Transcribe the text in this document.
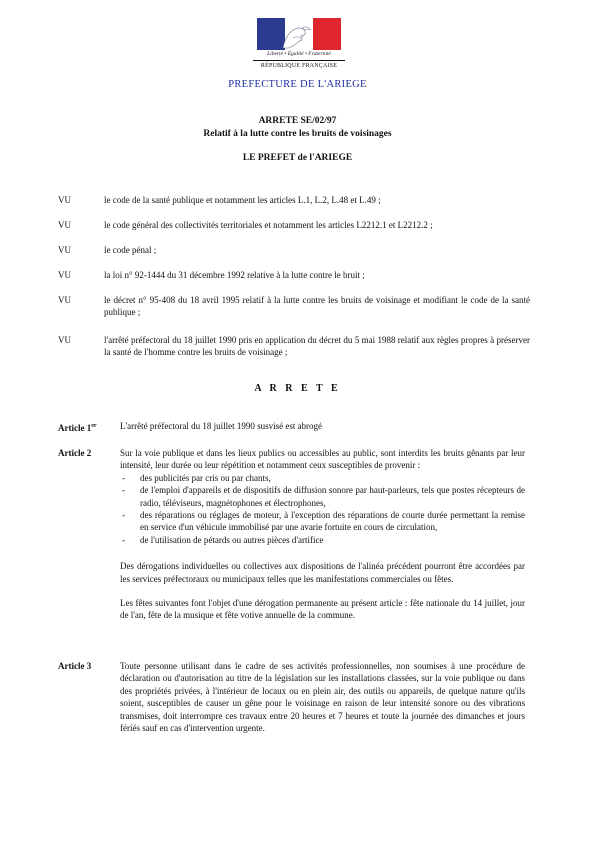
Liberté • Égalité • Fraternité
RÉPUBLIQUE FRANÇAISE
PREFECTURE DE L'ARIEGE
ARRETE SE/02/97
Relatif à la lutte contre les bruits de voisinages
LE PREFET de l'ARIEGE
VU	le code de la santé publique et notamment les articles L.1, L.2, L.48 et L.49 ;
VU	le code général des collectivités territoriales et notamment les articles L2212.1 et L2212.2 ;
VU	le code pénal ;
VU	la loi n° 92-1444 du 31 décembre 1992 relative à la lutte contre le bruit ;
VU	le décret n° 95-408 du 18 avril 1995 relatif à la lutte contre les bruits de voisinage et modifiant le code de la santé publique ;
VU	l'arrêté préfectoral du 18 juillet 1990 pris en application du décret du 5 mai 1988 relatif aux règles propres à préserver la santé de l'homme contre les bruits de voisinage ;
A R R E T E
Article 1er	L'arrêté préfectoral du 18 juillet 1990 susvisé est abrogé

Article 2	Sur la voie publique et dans les lieux publics ou accessibles au public, sont interdits les bruits gênants par leur intensité, leur durée ou leur répétition et notamment ceux susceptibles de provenir :

- des publicités par cris ou par chants,
- de l'emploi d'appareils et de dispositifs de diffusion sonore par haut-parleurs, tels que postes récepteurs de radio, téléviseurs, magnétophones et électrophones,
- des réparations ou réglages de moteur, à l'exception des réparations de courte durée permettant la remise en service d'un véhicule immobilisé par une avarie fortuite en cours de circulation,
- de l'utilisation de pétards ou autres pièces d'artifice

Des dérogations individuelles ou collectives aux dispositions de l'alinéa précédent pourront être accordées par les services préfectoraux ou municipaux telles que les manifestations commerciales ou fêtes.

Les fêtes suivantes font l'objet d'une dérogation permanente au présent article : fête nationale du 14 juillet, jour de l'an, fête de la musique et fête votive annuelle de la commune.

Article 3	Toute personne utilisant dans le cadre de ses activités professionnelles, non soumises à une procédure de déclaration ou d'autorisation au titre de la législation sur les installations classées, sur la voie publique ou dans des propriétés privées, à l'intérieur de locaux ou en plein air, des outils ou appareils, de quelque nature qu'ils soient, susceptibles de causer un gêne pour le voisinage en raison de leur intensité sonore ou des vibrations transmises, doit interrompre ces travaux entre 20 heures et 7 heures et toute la journée des dimanches et jours fériés sauf en cas d'intervention urgente.
